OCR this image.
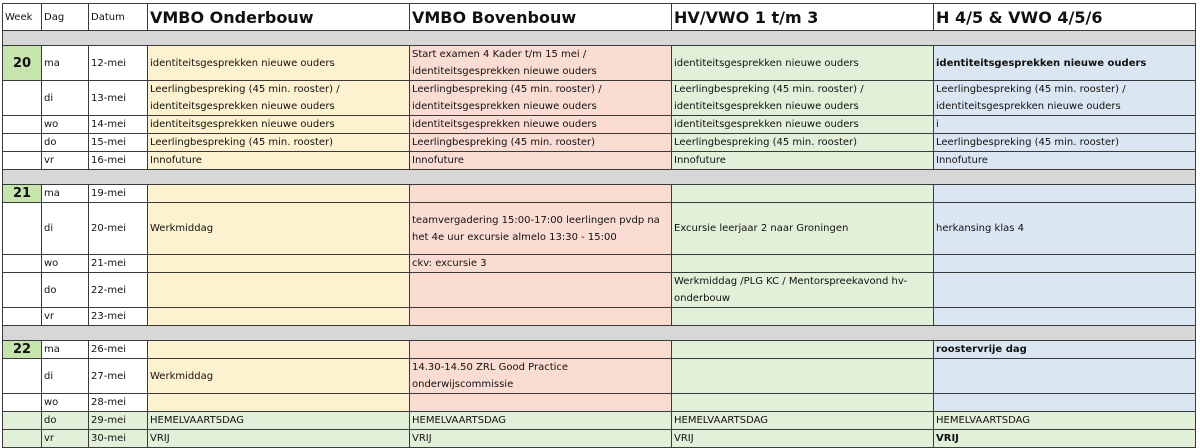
Week	Dag	Datum	VMBO Onderbouw	VMBO Bovenbouw	HV/VWO 1 t/m 3	H 4/5 & VWO 4/5/6

20	ma	12-mei	identiteitsgesprekken nieuwe ouders	Start examen 4 Kader t/m 15 mei / identiteitsgesprekken nieuwe ouders	identiteitsgesprekken nieuwe ouders	identiteitsgesprekken nieuwe ouders
	di	13-mei	Leerlingbespreking (45 min. rooster) / identiteitsgesprekken nieuwe ouders	Leerlingbespreking (45 min. rooster) / identiteitsgesprekken nieuwe ouders	Leerlingbespreking (45 min. rooster) / identiteitsgesprekken nieuwe ouders	Leerlingbespreking (45 min. rooster) / identiteitsgesprekken nieuwe ouders
	wo	14-mei	identiteitsgesprekken nieuwe ouders	identiteitsgesprekken nieuwe ouders	identiteitsgesprekken nieuwe ouders	i
	do	15-mei	Leerlingbespreking (45 min. rooster)	Leerlingbespreking (45 min. rooster)	Leerlingbespreking (45 min. rooster)	Leerlingbespreking (45 min. rooster)
	vr	16-mei	Innofuture	Innofuture	Innofuture	Innofuture

21	ma	19-mei				
	di	20-mei	Werkmiddag	teamvergadering 15:00-17:00 leerlingen pvdp na het 4e uur excursie almelo 13:30 - 15:00	Excursie leerjaar 2 naar Groningen	herkansing klas 4
	wo	21-mei		ckv: excursie 3		
	do	22-mei			Werkmiddag /PLG KC / Mentorspreekavond hv-onderbouw	
	vr	23-mei				

22	ma	26-mei				roostervrije dag
	di	27-mei	Werkmiddag	14.30-14.50 ZRL Good Practice onderwijscommissie		
	wo	28-mei				
	do	29-mei	HEMELVAARTSDAG	HEMELVAARTSDAG	HEMELVAARTSDAG	HEMELVAARTSDAG
	vr	30-mei	VRIJ	VRIJ	VRIJ	VRIJ
